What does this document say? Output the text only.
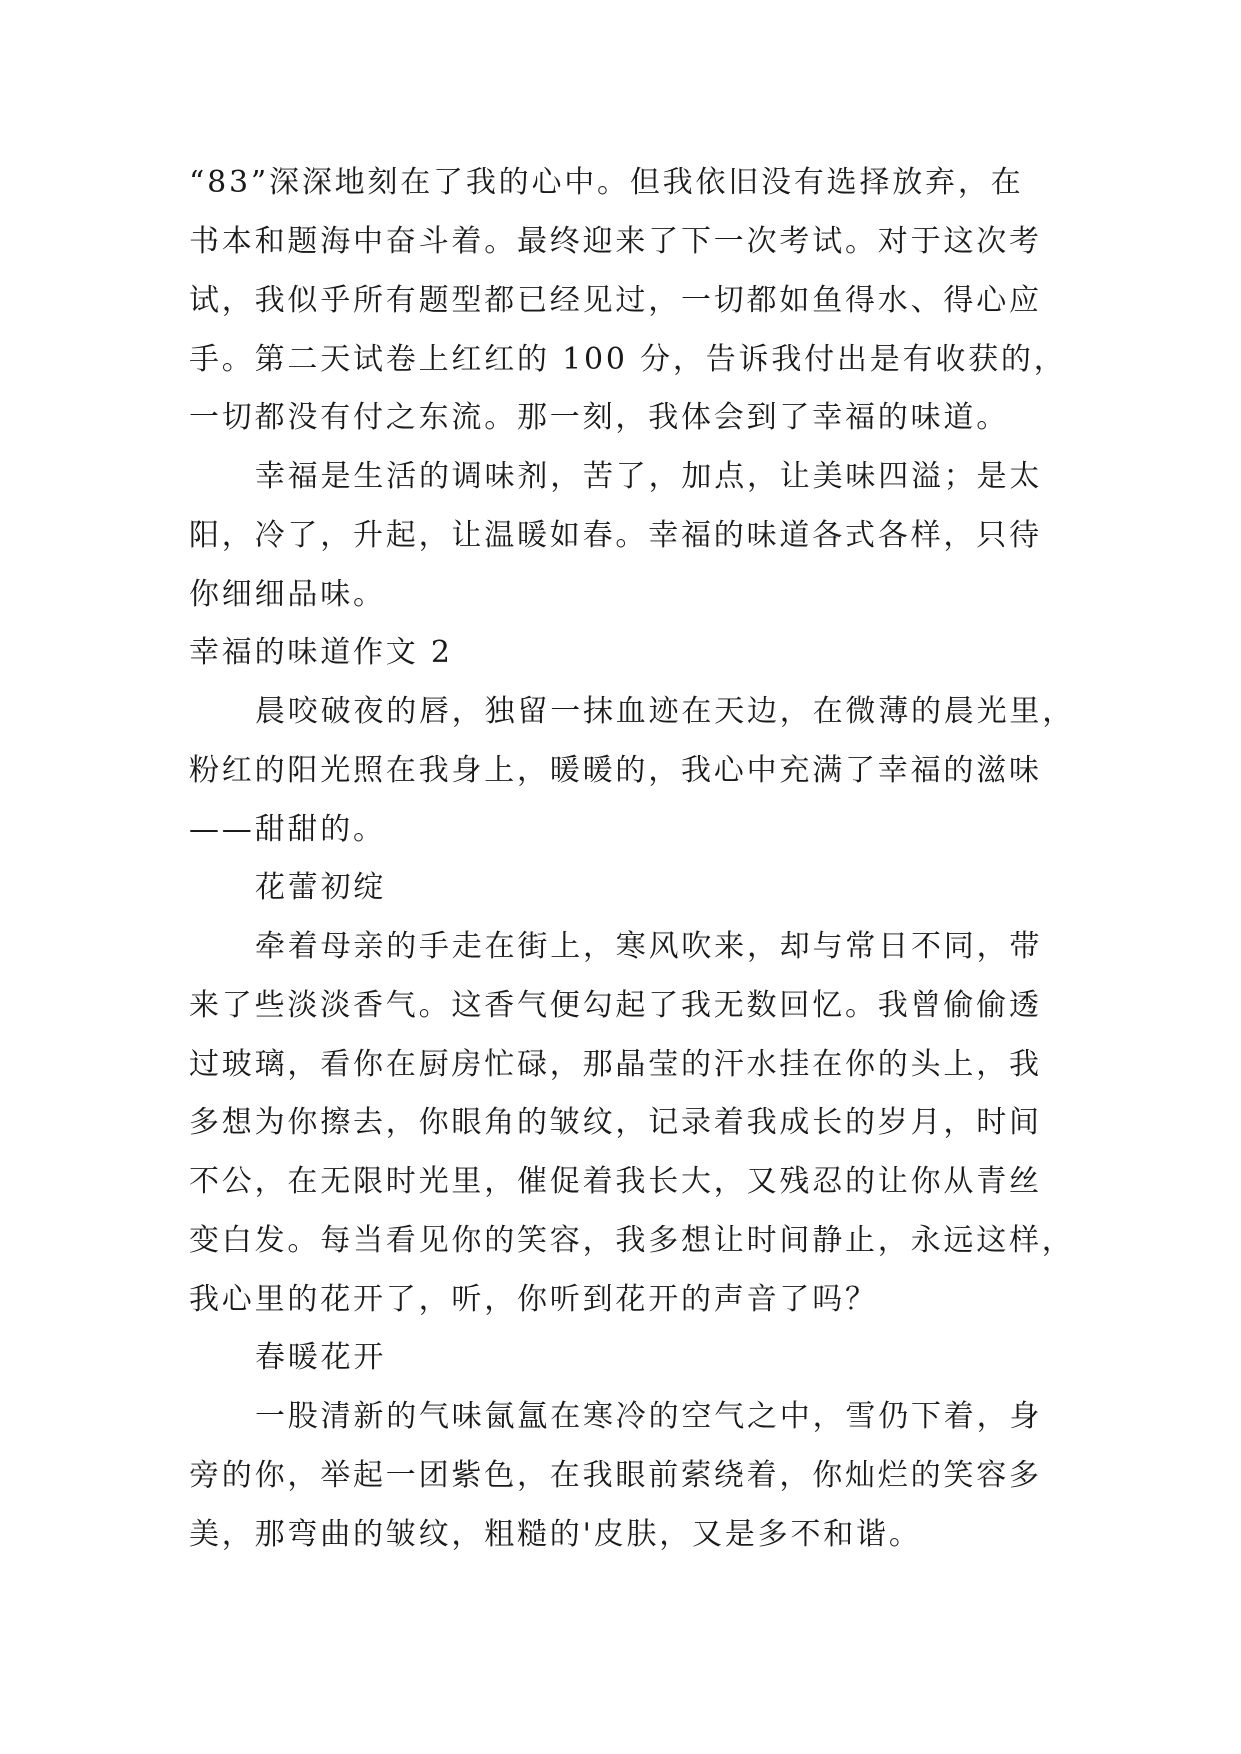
“83”深深地刻在了我的心中。但我依旧没有选择放弃，在
书本和题海中奋斗着。最终迎来了下一次考试。对于这次考
试，我似乎所有题型都已经见过，一切都如鱼得水、得心应
手。第二天试卷上红红的 100 分，告诉我付出是有收获的，
一切都没有付之东流。那一刻，我体会到了幸福的味道。
幸福是生活的调味剂，苦了，加点，让美味四溢；是太
阳，冷了，升起，让温暖如春。幸福的味道各式各样，只待
你细细品味。
幸福的味道作文 2
晨咬破夜的唇，独留一抹血迹在天边，在微薄的晨光里，
粉红的阳光照在我身上，暖暖的，我心中充满了幸福的滋味
——甜甜的。
花蕾初绽
牵着母亲的手走在街上，寒风吹来，却与常日不同，带
来了些淡淡香气。这香气便勾起了我无数回忆。我曾偷偷透
过玻璃，看你在厨房忙碌，那晶莹的汗水挂在你的头上，我
多想为你擦去，你眼角的皱纹，记录着我成长的岁月，时间
不公，在无限时光里，催促着我长大，又残忍的让你从青丝
变白发。每当看见你的笑容，我多想让时间静止，永远这样，
我心里的花开了，听，你听到花开的声音了吗？
春暖花开
一股清新的气味氤氲在寒冷的空气之中，雪仍下着，身
旁的你，举起一团紫色，在我眼前萦绕着，你灿烂的笑容多
美，那弯曲的皱纹，粗糙的'皮肤，又是多不和谐。
